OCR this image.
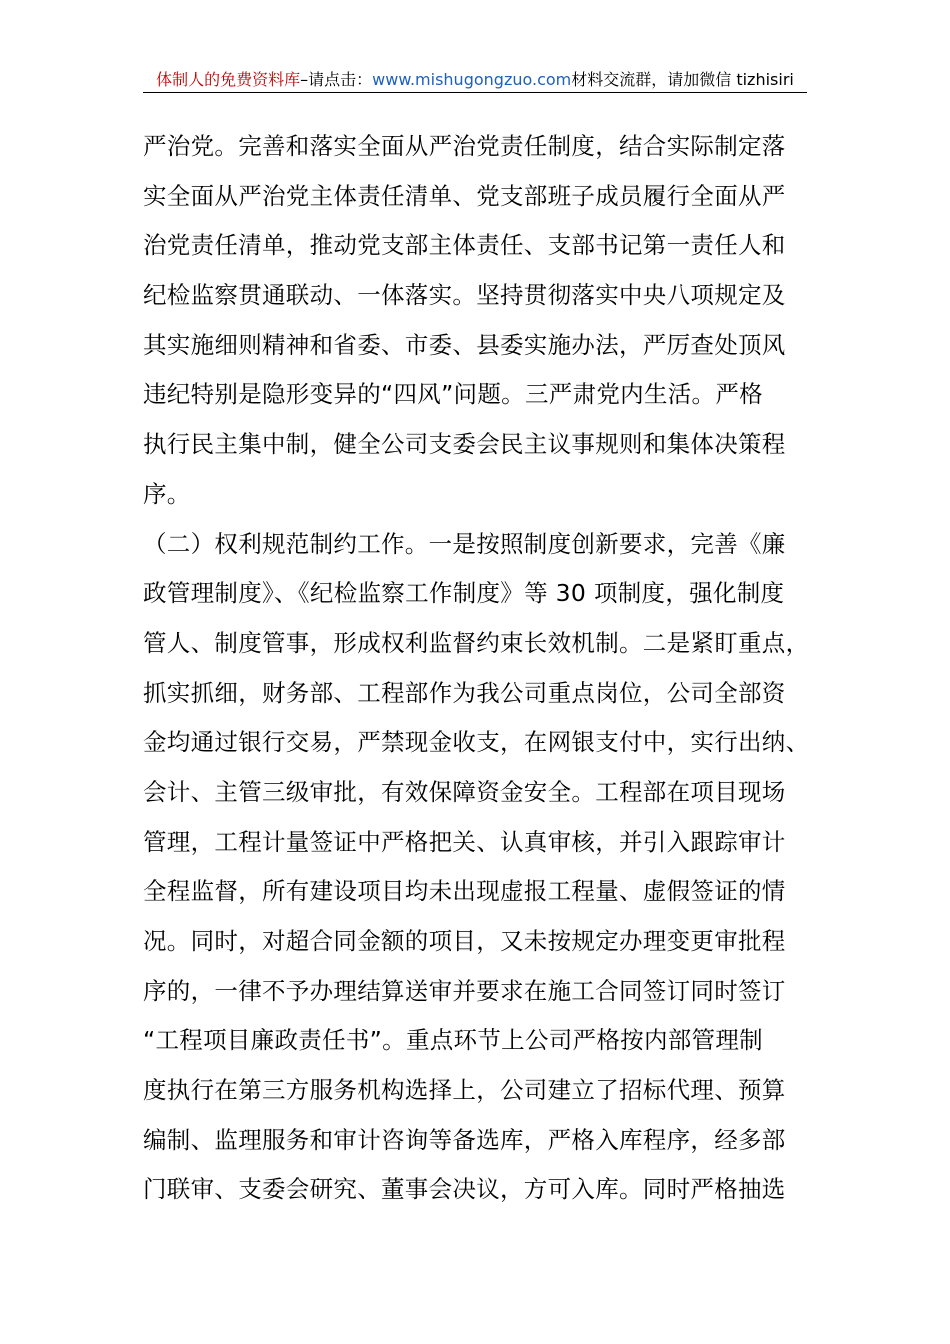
体制人的免费资料库–请点击：www.mishugongzuo.com材料交流群，请加微信 tizhisiri
严治党。完善和落实全面从严治党责任制度，结合实际制定落
实全面从严治党主体责任清单、党支部班子成员履行全面从严
治党责任清单，推动党支部主体责任、支部书记第一责任人和
纪检监察贯通联动、一体落实。坚持贯彻落实中央八项规定及
其实施细则精神和省委、市委、县委实施办法，严厉查处顶风
违纪特别是隐形变异的“四风”问题。三严肃党内生活。严格
执行民主集中制，健全公司支委会民主议事规则和集体决策程
序。
（二）权利规范制约工作。一是按照制度创新要求，完善《廉
政管理制度》、《纪检监察工作制度》等 30 项制度，强化制度
管人、制度管事，形成权利监督约束长效机制。二是紧盯重点，
抓实抓细，财务部、工程部作为我公司重点岗位，公司全部资
金均通过银行交易，严禁现金收支，在网银支付中，实行出纳、
会计、主管三级审批，有效保障资金安全。工程部在项目现场
管理，工程计量签证中严格把关、认真审核，并引入跟踪审计
全程监督，所有建设项目均未出现虚报工程量、虚假签证的情
况。同时，对超合同金额的项目，又未按规定办理变更审批程
序的，一律不予办理结算送审并要求在施工合同签订同时签订
“工程项目廉政责任书”。重点环节上公司严格按内部管理制
度执行在第三方服务机构选择上，公司建立了招标代理、预算
编制、监理服务和审计咨询等备选库，严格入库程序，经多部
门联审、支委会研究、董事会决议，方可入库。同时严格抽选
